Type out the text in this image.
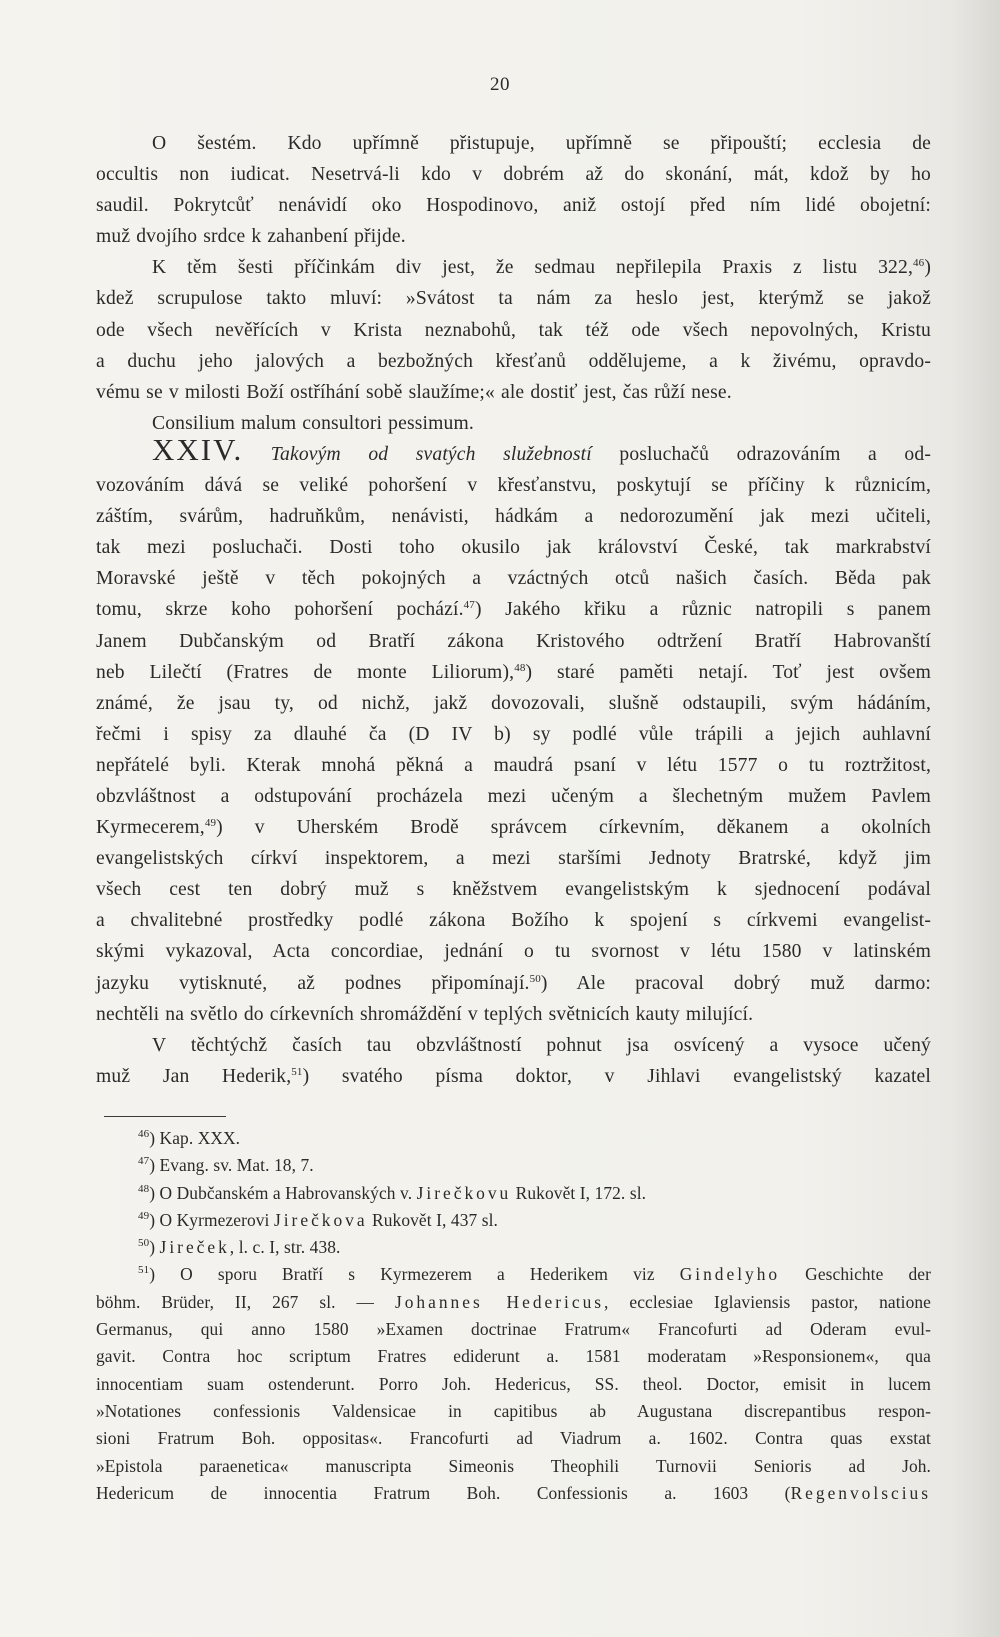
20
O šestém. Kdo upřímně přistupuje, upřímně se připouští; ecclesia de
occultis non iudicat. Nesetrvá-li kdo v dobrém až do skonání, mát, kdož by ho
saudil. Pokrytcůť nenávidí oko Hospodinovo, aniž ostojí před ním lidé obojetní:
muž dvojího srdce k zahanbení přijde.
K těm šesti příčinkám div jest, že sedmau nepřilepila Praxis z listu 322,46)
kdež scrupulose takto mluví: »Svátost ta nám za heslo jest, kterýmž se jakož
ode všech nevěřících v Krista neznabohů, tak též ode všech nepovolných, Kristu
a duchu jeho jalových a bezbožných křesťanů oddělujeme, a k živému, opravdo-
vému se v milosti Boží ostříhání sobě slaužíme;« ale dostiť jest, čas růží nese.
Consilium malum consultori pessimum.
XXIV. Takovým od svatých služebností posluchačů odrazováním a od-
vozováním dává se veliké pohoršení v křesťanstvu, poskytují se příčiny k různicím,
záštím, svárům, hadruňkům, nenávisti, hádkám a nedorozumění jak mezi učiteli,
tak mezi posluchači. Dosti toho okusilo jak království České, tak markrabství
Moravské ještě v těch pokojných a vzáctných otců našich časích. Běda pak
tomu, skrze koho pohoršení pochází.$^{47}$) Jakého křiku a různic natropili s panem
Janem Dubčanským od Bratří zákona Kristového odtržení Bratří Habrovanští
neb Lilečtí (Fratres de monte Liliorum),$^{48}$) staré paměti netají. Toť jest ovšem
známé, že jsau ty, od nichž, jakž dovozovali, slušně odstaupili, svým hádáním,
řečmi i spisy za dlauhé ča (D IV b) sy podlé vůle trápili a jejich auhlavní
nepřátelé byli. Kterak mnohá pěkná a maudrá psaní v létu 1577 o tu roztržitost,
obzvláštnost a odstupování procházela mezi učeným a šlechetným mužem Pavlem
Kyrmecerem,$^{49}$) v Uherském Brodě správcem církevním, děkanem a okolních
evangelistských církví inspektorem, a mezi staršími Jednoty Bratrské, když jim
všech cest ten dobrý muž s kněžstvem evangelistským k sjednocení podával
a chvalitebné prostředky podlé zákona Božího k spojení s církvemi evangelist-
skými vykazoval, Acta concordiae, jednání o tu svornost v létu 1580 v latinském
jazyku vytisknuté, až podnes připomínají.$^{50}$) Ale pracoval dobrý muž darmo:
nechtěli na světlo do církevních shromáždění v teplých světnicích kauty milující.
V těchtýchž časích tau obzvláštností pohnut jsa osvícený a vysoce učený
muž Jan Hederik,$^{51}$) svatého písma doktor, v Jihlavi evangelistský kazatel
$^{46}$) Kap. XXX.
$^{47}$) Evang. sv. Mat. 18, 7.
$^{48}$) O Dubčanském a Habrovanských v. Jirečkovu Rukovět I, 172. sl.
$^{49}$) O Kyrmezerovi Jirečkova Rukovět I, 437 sl.
$^{50}$) Jireček, l. c. I, str. 438.
$^{51}$) O sporu Bratří s Kyrmezerem a Hederikem viz Gindelyho Geschichte der
böhm. Brüder, II, 267 sl. — Johannes Hedericus, ecclesiae Iglaviensis pastor, natione
Germanus, qui anno 1580 »Examen doctrinae Fratrum« Francofurti ad Oderam evul-
gavit. Contra hoc scriptum Fratres ediderunt a. 1581 moderatam »Responsionem«, qua
innocentiam suam ostenderunt. Porro Joh. Hedericus, SS. theol. Doctor, emisit in lucem
»Notationes confessionis Valdensicae in capitibus ab Augustana discrepantibus respon-
sioni Fratrum Boh. oppositas«. Francofurti ad Viadrum a. 1602. Contra quas exstat
»Epistola paraenetica« manuscripta Simeonis Theophili Turnovii Senioris ad Joh.
Hedericum de innocentia Fratrum Boh. Confessionis a. 1603 (Regenvolscius
